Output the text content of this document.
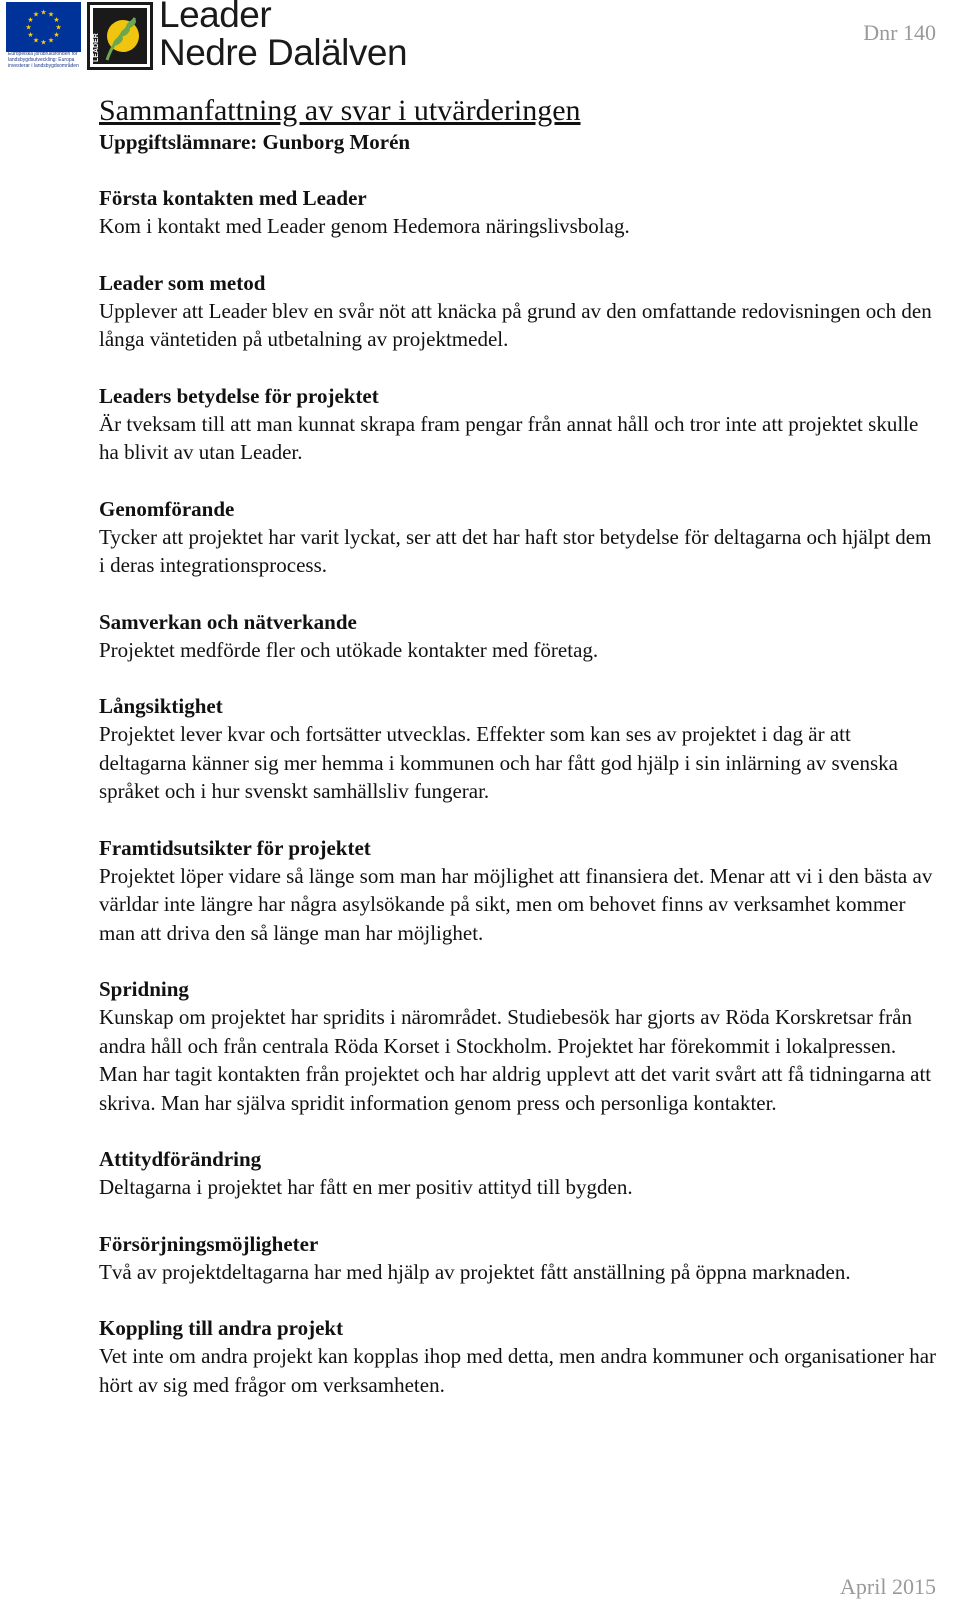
★
★
★
★
★
★
★
★
★ ★ ★
★
Europeiska jordbruksfonden för landsbygdsutveckling: Europa investerar i landsbygdsområden
LEADER
Leader
Nedre Dalälven	Dnr 140
Sammanfattning av svar i utvärderingen

Uppgiftslämnare: Gunborg Morén

Första kontakten med Leader

Kom i kontakt med Leader genom Hedemora näringslivsbolag.

Leader som metod

Upplever att Leader blev en svår nöt att knäcka på grund av den omfattande redovisningen och den långa väntetiden på utbetalning av projektmedel.

Leaders betydelse för projektet

Är tveksam till att man kunnat skrapa fram pengar från annat håll och tror inte att projektet skulle ha blivit av utan Leader.

Genomförande

Tycker att projektet har varit lyckat, ser att det har haft stor betydelse för deltagarna och hjälpt dem i deras integrationsprocess.

Samverkan och nätverkande

Projektet medförde fler och utökade kontakter med företag.

Långsiktighet

Projektet lever kvar och fortsätter utvecklas. Effekter som kan ses av projektet i dag är att deltagarna känner sig mer hemma i kommunen och har fått god hjälp i sin inlärning av svenska språket och i hur svenskt samhällsliv fungerar.

Framtidsutsikter för projektet

Projektet löper vidare så länge som man har möjlighet att finansiera det. Menar att vi i den bästa av världar inte längre har några asylsökande på sikt, men om behovet finns av verksamhet kommer man att driva den så länge man har möjlighet.

Spridning

Kunskap om projektet har spridits i närområdet. Studiebesök har gjorts av Röda Korskretsar från andra håll och från centrala Röda Korset i Stockholm. Projektet har förekommit i lokalpressen. Man har tagit kontakten från projektet och har aldrig upplevt att det varit svårt att få tidningarna att skriva. Man har själva spridit information genom press och personliga kontakter.

Attitydförändring

Deltagarna i projektet har fått en mer positiv attityd till bygden.

Försörjningsmöjligheter

Två av projektdeltagarna har med hjälp av projektet fått anställning på öppna marknaden.

Koppling till andra projekt

Vet inte om andra projekt kan kopplas ihop med detta, men andra kommuner och organisationer har hört av sig med frågor om verksamheten.

April 2015
